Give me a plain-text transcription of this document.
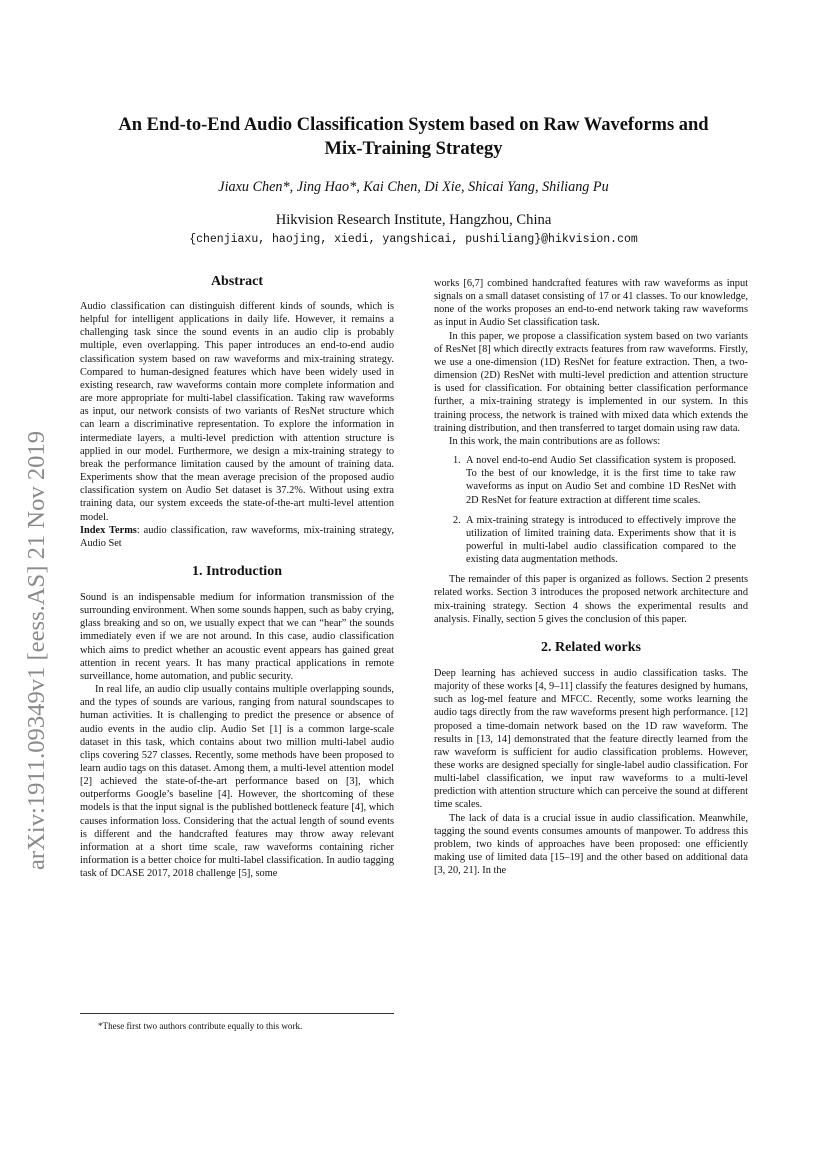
An End-to-End Audio Classification System based on Raw Waveforms and
Mix-Training Strategy
Jiaxu Chen*, Jing Hao*, Kai Chen, Di Xie, Shicai Yang, Shiliang Pu
Hikvision Research Institute, Hangzhou, China
{chenjiaxu, haojing, xiedi, yangshicai, pushiliang}@hikvision.com
arXiv:1911.09349v1 [eess.AS] 21 Nov 2019
Abstract

Audio classification can distinguish different kinds of sounds, which is helpful for intelligent applications in daily life. However, it remains a challenging task since the sound events in an audio clip is probably multiple, even overlapping. This paper introduces an end-to-end audio classification system based on raw waveforms and mix-training strategy. Compared to human-designed features which have been widely used in existing research, raw waveforms contain more complete information and are more appropriate for multi-label classification. Taking raw waveforms as input, our network consists of two variants of ResNet structure which can learn a discriminative representation. To explore the information in intermediate layers, a multi-level prediction with attention structure is applied in our model. Furthermore, we design a mix-training strategy to break the performance limitation caused by the amount of training data. Experiments show that the mean average precision of the proposed audio classification system on Audio Set dataset is 37.2%. Without using extra training data, our system exceeds the state-of-the-art multi-level attention model.

Index Terms: audio classification, raw waveforms, mix-training strategy, Audio Set

1. Introduction

Sound is an indispensable medium for information transmission of the surrounding environment. When some sounds happen, such as baby crying, glass breaking and so on, we usually expect that we can “hear” the sounds immediately even if we are not around. In this case, audio classification which aims to predict whether an acoustic event appears has gained great attention in recent years. It has many practical applications in remote surveillance, home automation, and public security.

In real life, an audio clip usually contains multiple overlapping sounds, and the types of sounds are various, ranging from natural soundscapes to human activities. It is challenging to predict the presence or absence of audio events in the audio clip. Audio Set [1] is a common large-scale dataset in this task, which contains about two million multi-label audio clips covering 527 classes. Recently, some methods have been proposed to learn audio tags on this dataset. Among them, a multi-level attention model [2] achieved the state-of-the-art performance based on [3], which outperforms Google’s baseline [4]. However, the shortcoming of these models is that the input signal is the published bottleneck feature [4], which causes information loss. Considering that the actual length of sound events is different and the handcrafted features may throw away relevant information at a short time scale, raw waveforms containing richer information is a better choice for multi-label classification. In audio tagging task of DCASE 2017, 2018 challenge [5], some

*These first two authors contribute equally to this work.

works [6,7] combined handcrafted features with raw waveforms as input signals on a small dataset consisting of 17 or 41 classes. To our knowledge, none of the works proposes an end-to-end network taking raw waveforms as input in Audio Set classification task.

In this paper, we propose a classification system based on two variants of ResNet [8] which directly extracts features from raw waveforms. Firstly, we use a one-dimension (1D) ResNet for feature extraction. Then, a two-dimension (2D) ResNet with multi-level prediction and attention structure is used for classification. For obtaining better classification performance further, a mix-training strategy is implemented in our system. In this training process, the network is trained with mixed data which extends the training distribution, and then transferred to target domain using raw data.

In this work, the main contributions are as follows:

1. A novel end-to-end Audio Set classification system is proposed. To the best of our knowledge, it is the first time to take raw waveforms as input on Audio Set and combine 1D ResNet with 2D ResNet for feature extraction at different time scales.
2. A mix-training strategy is introduced to effectively improve the utilization of limited training data. Experiments show that it is powerful in multi-label audio classification compared to the existing data augmentation methods.

The remainder of this paper is organized as follows. Section 2 presents related works. Section 3 introduces the proposed network architecture and mix-training strategy. Section 4 shows the experimental results and analysis. Finally, section 5 gives the conclusion of this paper.

2. Related works

Deep learning has achieved success in audio classification tasks. The majority of these works [4, 9–11] classify the features designed by humans, such as log-mel feature and MFCC. Recently, some works learning the audio tags directly from the raw waveforms present high performance. [12] proposed a time-domain network based on the 1D raw waveform. The results in [13, 14] demonstrated that the feature directly learned from the raw waveform is sufficient for audio classification problems. However, these works are designed specially for single-label audio classification. For multi-label classification, we input raw waveforms to a multi-level prediction with attention structure which can perceive the sound at different time scales.

The lack of data is a crucial issue in audio classification. Meanwhile, tagging the sound events consumes amounts of manpower. To address this problem, two kinds of approaches have been proposed: one efficiently making use of limited data [15–19] and the other based on additional data [3, 20, 21]. In the
